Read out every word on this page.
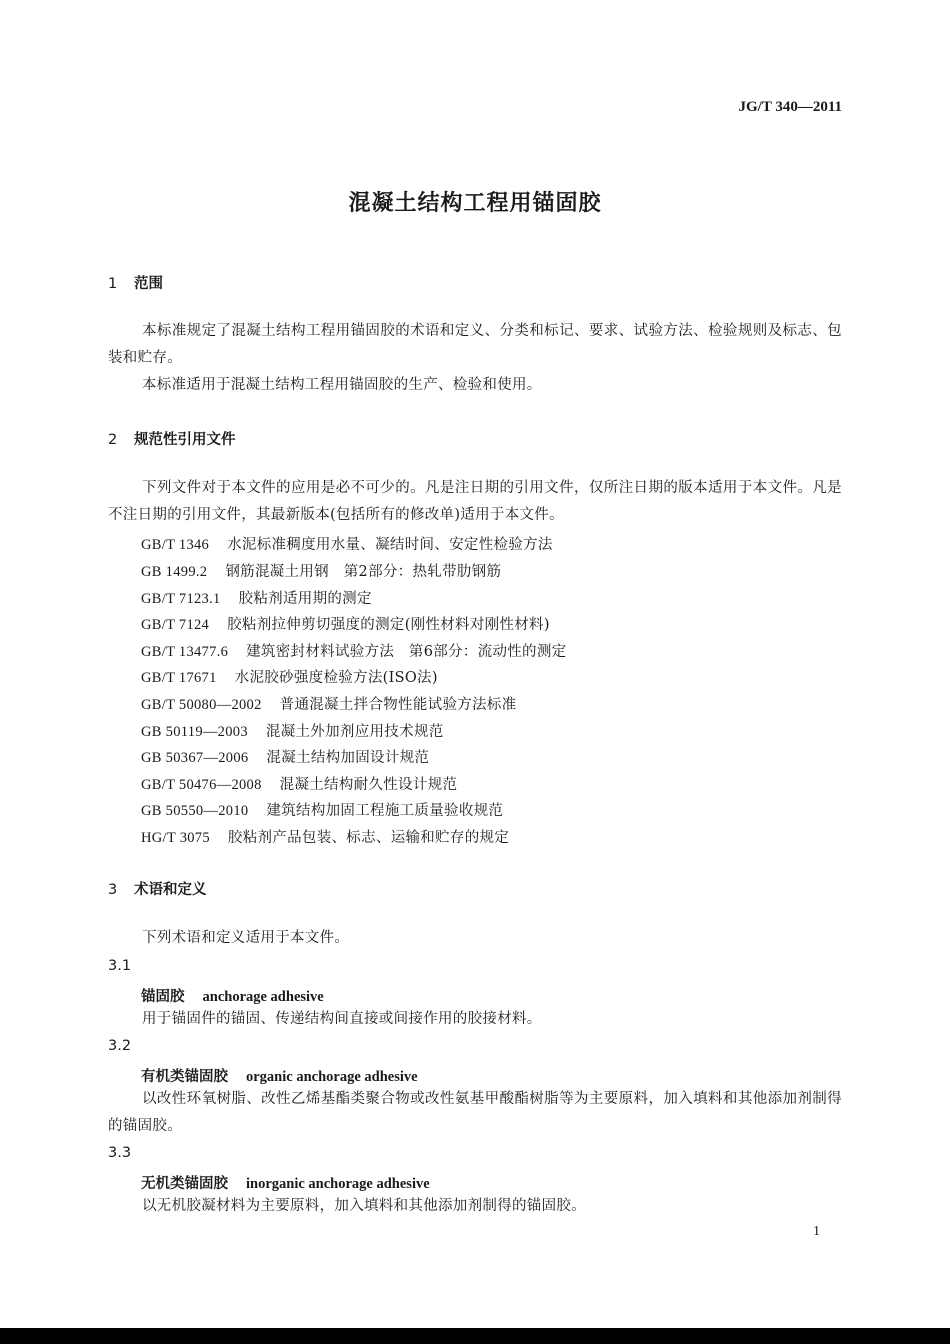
JG/T 340—2011
混凝土结构工程用锚固胶
1 范围
本标准规定了混凝土结构工程用锚固胶的术语和定义、分类和标记、要求、试验方法、检验规则及标志、包装和贮存。
本标准适用于混凝土结构工程用锚固胶的生产、检验和使用。
2 规范性引用文件
下列文件对于本文件的应用是必不可少的。凡是注日期的引用文件，仅所注日期的版本适用于本文件。凡是不注日期的引用文件，其最新版本(包括所有的修改单)适用于本文件。
GB/T 1346 水泥标准稠度用水量、凝结时间、安定性检验方法
GB 1499.2 钢筋混凝土用钢　第2部分：热轧带肋钢筋
GB/T 7123.1 胶粘剂适用期的测定
GB/T 7124 胶粘剂拉伸剪切强度的测定(刚性材料对刚性材料)
GB/T 13477.6 建筑密封材料试验方法　第6部分：流动性的测定
GB/T 17671 水泥胶砂强度检验方法(ISO法)
GB/T 50080—2002 普通混凝土拌合物性能试验方法标准
GB 50119—2003 混凝土外加剂应用技术规范
GB 50367—2006 混凝土结构加固设计规范
GB/T 50476—2008 混凝土结构耐久性设计规范
GB 50550—2010 建筑结构加固工程施工质量验收规范
HG/T 3075 胶粘剂产品包装、标志、运输和贮存的规定
3 术语和定义
下列术语和定义适用于本文件。
3.1
锚固胶 anchorage adhesive
用于锚固件的锚固、传递结构间直接或间接作用的胶接材料。
3.2
有机类锚固胶 organic anchorage adhesive
以改性环氧树脂、改性乙烯基酯类聚合物或改性氨基甲酸酯树脂等为主要原料，加入填料和其他添加剂制得的锚固胶。
3.3
无机类锚固胶 inorganic anchorage adhesive
以无机胶凝材料为主要原料，加入填料和其他添加剂制得的锚固胶。
1
